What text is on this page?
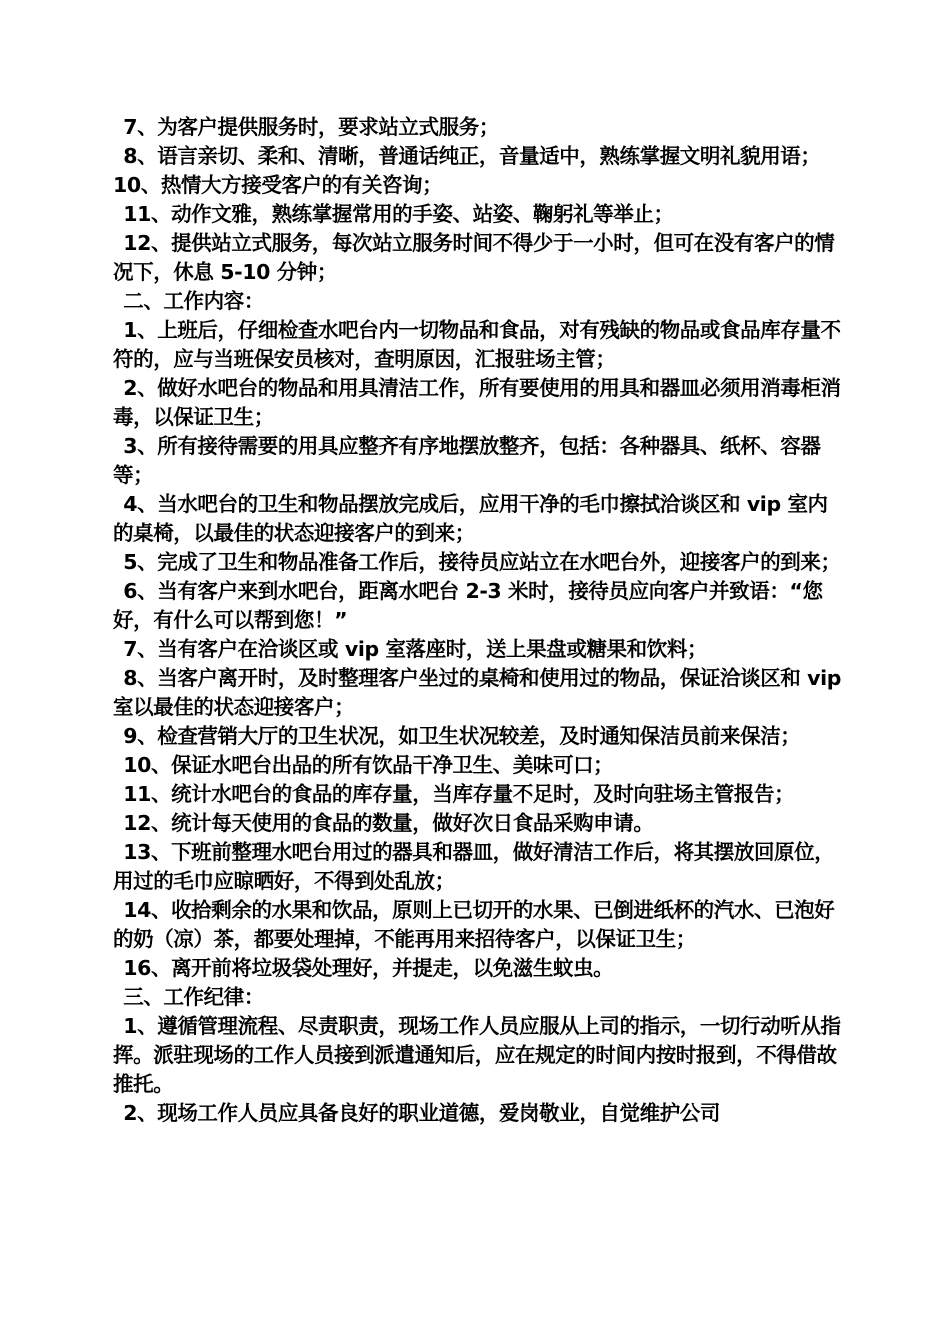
7、为客户提供服务时，要求站立式服务；

8、语言亲切、柔和、清晰，普通话纯正，音量适中，熟练掌握文明礼貌用语；

10、热情大方接受客户的有关咨询；

11、动作文雅，熟练掌握常用的手姿、站姿、鞠躬礼等举止；

12、提供站立式服务，每次站立服务时间不得少于一小时，但可在没有客户的情况下，休息 5-10 分钟；

二、工作内容：

1、上班后，仔细检查水吧台内一切物品和食品，对有残缺的物品或食品库存量不符的，应与当班保安员核对，查明原因，汇报驻场主管；

2、做好水吧台的物品和用具清洁工作，所有要使用的用具和器皿必须用消毒柜消毒，以保证卫生；

3、所有接待需要的用具应整齐有序地摆放整齐，包括：各种器具、纸杯、容器等；

4、当水吧台的卫生和物品摆放完成后，应用干净的毛巾擦拭洽谈区和 vip 室内的桌椅，以最佳的状态迎接客户的到来；

5、完成了卫生和物品准备工作后，接待员应站立在水吧台外，迎接客户的到来；

6、当有客户来到水吧台，距离水吧台 2-3 米时，接待员应向客户并致语：“您好，有什么可以帮到您！”

7、当有客户在洽谈区或 vip 室落座时，送上果盘或糖果和饮料；

8、当客户离开时，及时整理客户坐过的桌椅和使用过的物品，保证洽谈区和 vip 室以最佳的状态迎接客户；

9、检查营销大厅的卫生状况，如卫生状况较差，及时通知保洁员前来保洁；

10、保证水吧台出品的所有饮品干净卫生、美味可口；

11、统计水吧台的食品的库存量，当库存量不足时，及时向驻场主管报告；

12、统计每天使用的食品的数量，做好次日食品采购申请。

13、下班前整理水吧台用过的器具和器皿，做好清洁工作后，将其摆放回原位，用过的毛巾应晾晒好，不得到处乱放；

14、收拾剩余的水果和饮品，原则上已切开的水果、已倒进纸杯的汽水、已泡好的奶（凉）茶，都要处理掉，不能再用来招待客户，以保证卫生；

16、离开前将垃圾袋处理好，并提走，以免滋生蚊虫。

三、工作纪律：

1、遵循管理流程、尽责职责，现场工作人员应服从上司的指示，一切行动听从指挥。派驻现场的工作人员接到派遣通知后，应在规定的时间内按时报到，不得借故推托。

2、现场工作人员应具备良好的职业道德，爱岗敬业，自觉维护公司
